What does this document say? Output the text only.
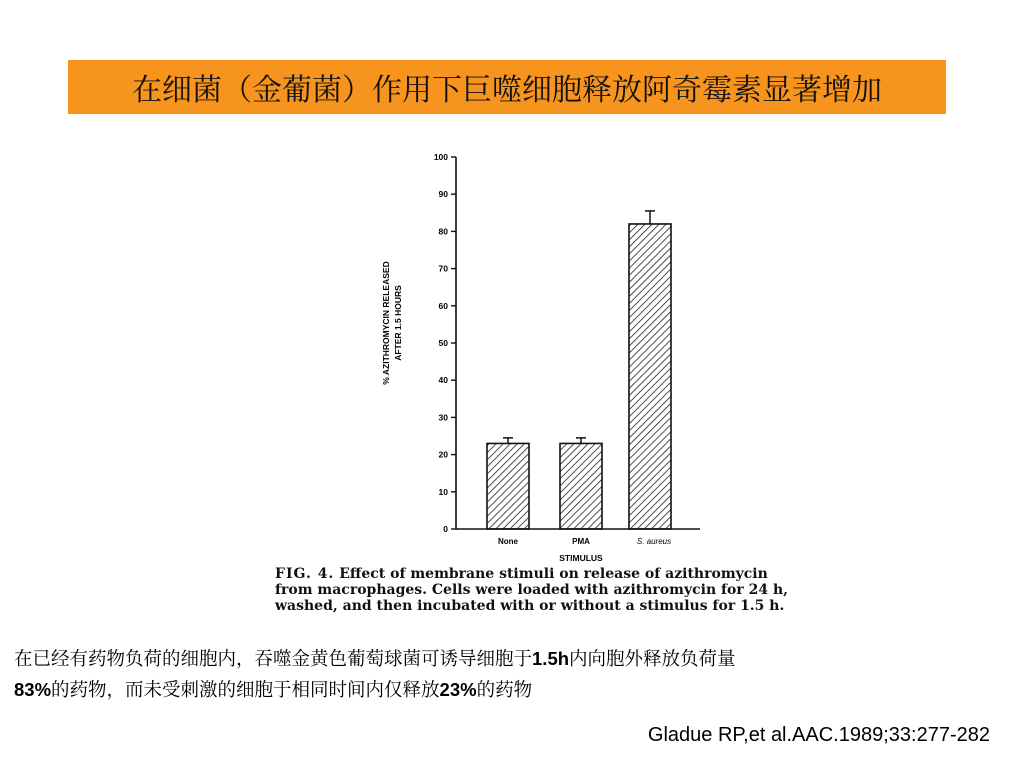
在细菌（金葡菌）作用下巨噬细胞释放阿奇霉素显著增加
% AZITHROMYCIN RELEASED AFTER 1.5 HOURS
0
10
20
30
40
50
60
70
80
90
100
None	PMA	S. aureus
STIMULUS
FIG. 4. Effect of membrane stimuli on release of azithromycin
from macrophages. Cells were loaded with azithromycin for 24 h,
washed, and then incubated with or without a stimulus for 1.5 h.
在已经有药物负荷的细胞内，吞噬金黄色葡萄球菌可诱导细胞于1.5h内向胞外释放负荷量
83%的药物，而未受刺激的细胞于相同时间内仅释放23%的药物
Gladue RP,et al.AAC.1989;33:277-282
